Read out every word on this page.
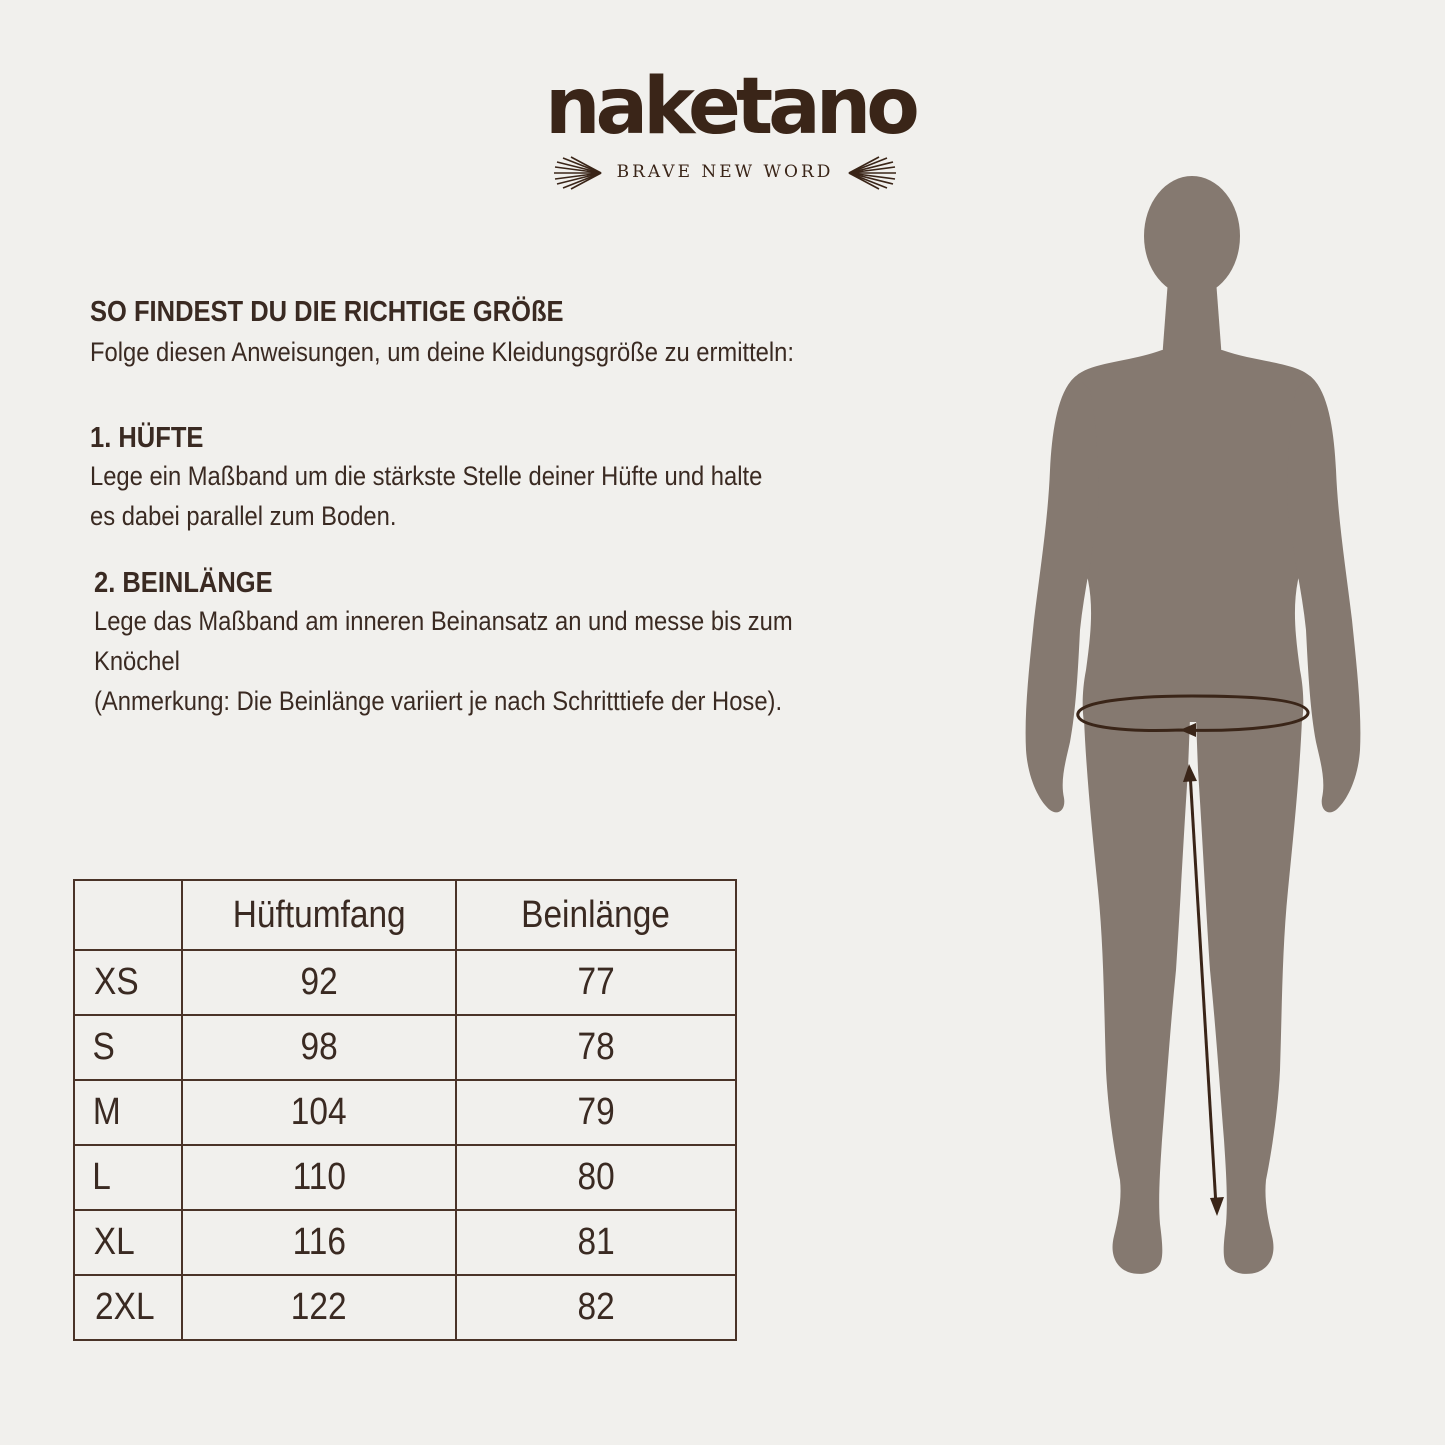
naketano
BRAVE NEW WORD
SO FINDEST DU DIE RICHTIGE GRÖßE
Folge diesen Anweisungen, um deine Kleidungsgröße zu ermitteln:
1. HÜFTE
Lege ein Maßband um die stärkste Stelle deiner Hüfte und halte
es dabei parallel zum Boden.
2. BEINLÄNGE
Lege das Maßband am inneren Beinansatz an und messe bis zum
Knöchel
(Anmerkung: Die Beinlänge variiert je nach Schritttiefe der Hose).
	Hüftumfang	Beinlänge
XS	92	77
S	98	78
M	104	79
L	110	80
XL	116	81
2XL	122	82
